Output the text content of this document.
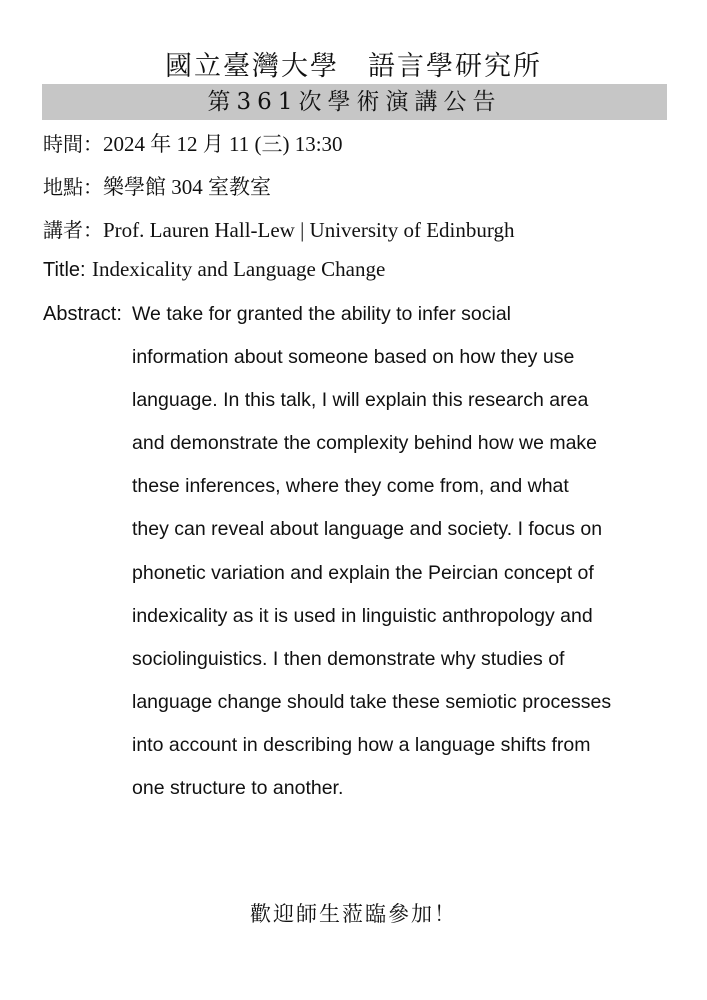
國立臺灣大學　語言學研究所
第361次學術演講公告
時間：2024 年 12 月 11 (三) 13:30
地點：樂學館 304 室教室
講者：Prof. Lauren Hall-Lew | University of Edinburgh
Title: Indexicality and Language Change
Abstract: We take for granted the ability to infer social
information about someone based on how they use
language. In this talk, I will explain this research area
and demonstrate the complexity behind how we make
these inferences, where they come from, and what
they can reveal about language and society. I focus on
phonetic variation and explain the Peircian concept of
indexicality as it is used in linguistic anthropology and
sociolinguistics. I then demonstrate why studies of
language change should take these semiotic processes
into account in describing how a language shifts from
one structure to another.
歡迎師生蒞臨參加！
